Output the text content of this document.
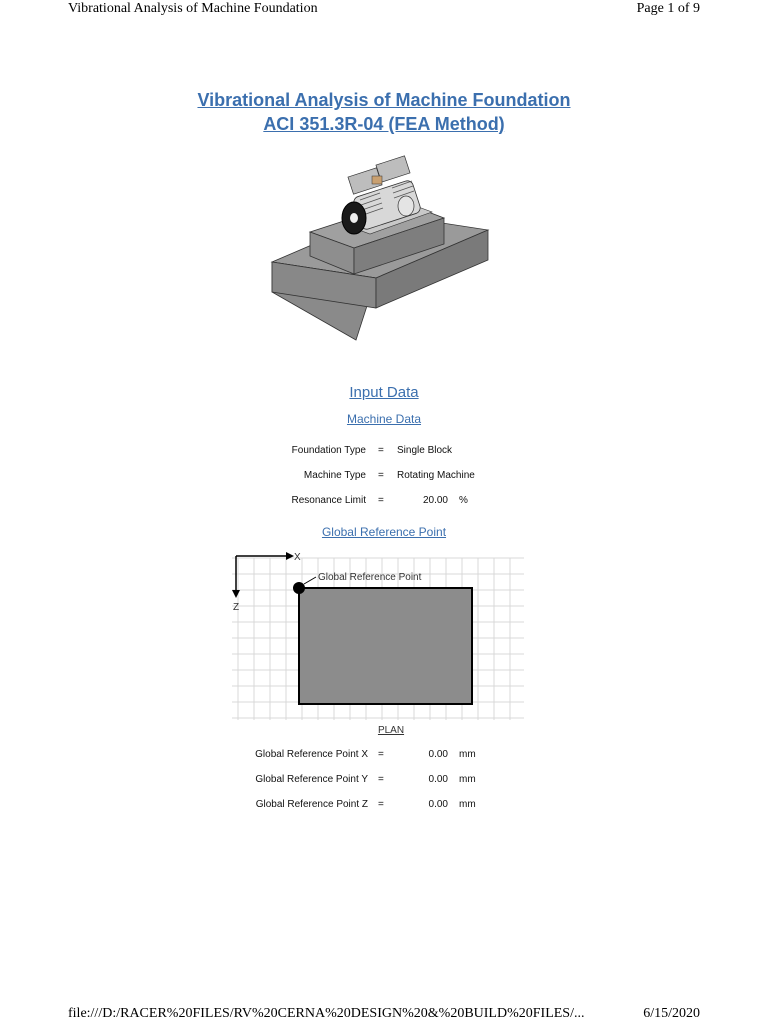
Vibrational Analysis of Machine Foundation	Page 1 of 9
Vibrational Analysis of Machine Foundation
ACI 351.3R-04 (FEA Method)
Input Data
Machine Data
Foundation Type = Single Block
Machine Type = Rotating Machine
Resonance Limit =	20.00 %
Global Reference Point
X
Z
Global Reference Point
PLAN
Global Reference Point X =	0.00 mm
Global Reference Point Y =	0.00 mm
Global Reference Point Z =	0.00 mm
file:///D:/RACER%20FILES/RV%20CERNA%20DESIGN%20&%20BUILD%20FILES/...	6/15/2020
